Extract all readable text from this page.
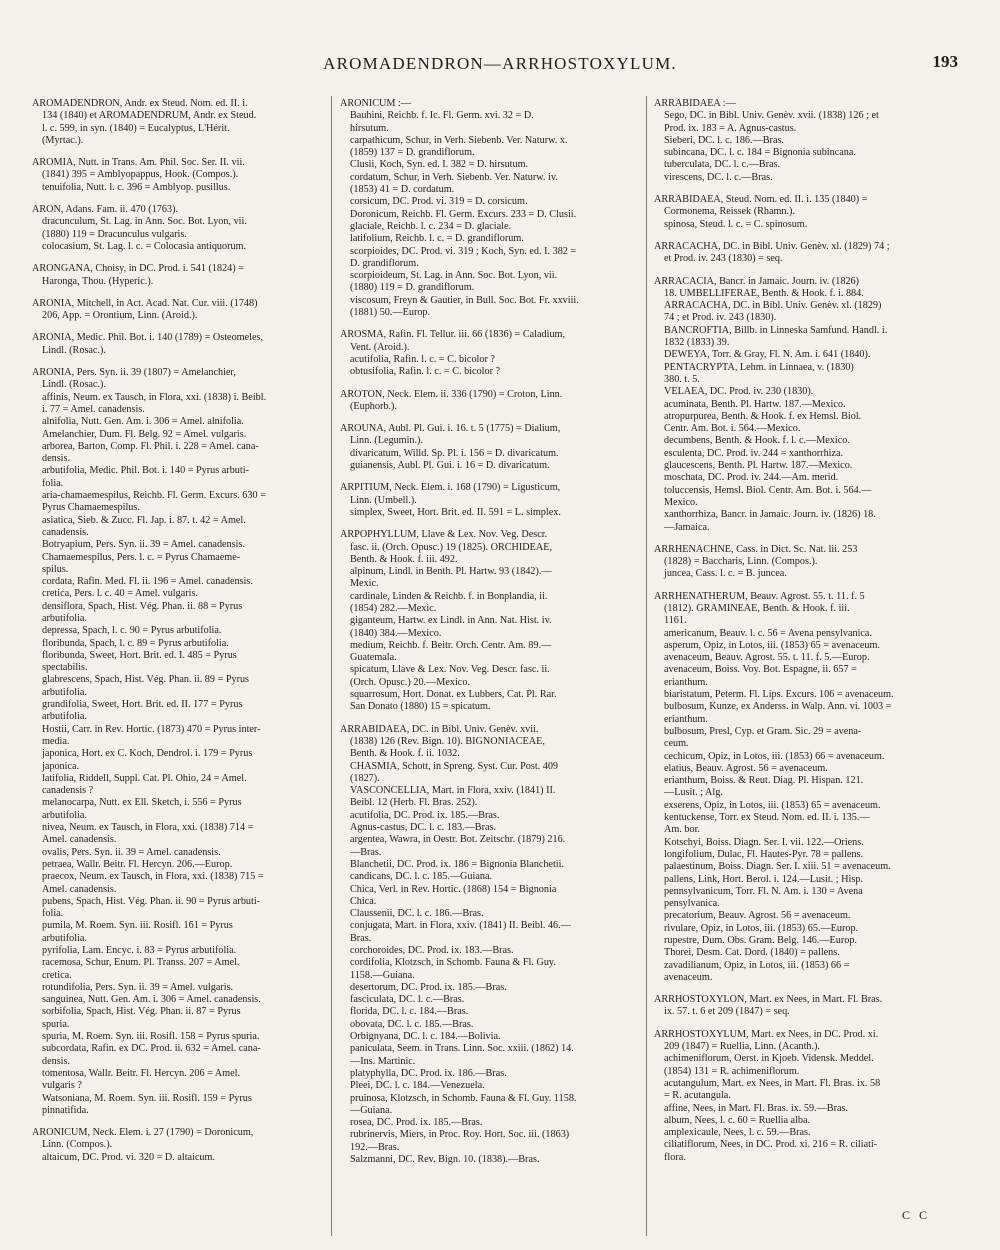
AROMADENDRON—ARRHOSTOXYLUM.	193
AROMADENDRON, Andr. ex Steud. Nom. ed. II. i.
134 (1840) et AROMADENDRUM, Andr. ex Steud.
l. c. 599, in syn. (1840) = Eucalyptus, L'Hérit.
(Myrtac.).
AROMIA, Nutt. in Trans. Am. Phil. Soc. Ser. II. vii.
(1841) 395 = Amblyopappus, Hook. (Compos.).
tenuifolia, Nutt. l. c. 396 = Amblyop. pusillus.
ARON, Adans. Fam. ii. 470 (1763).
dracunculum, St. Lag. in Ann. Soc. Bot. Lyon, vii.
(1880) 119 = Dracunculus vulgaris.
colocasium, St. Lag. l. c. = Colocasia antiquorum.
ARONGANA, Choisy, in DC. Prod. i. 541 (1824) =
Haronga, Thou. (Hyperic.).
ARONIA, Mitchell, in Act. Acad. Nat. Cur. viii. (1748)
206, App. = Orontium, Linn. (Aroid.).
ARONIA, Medic. Phil. Bot. i. 140 (1789) = Osteomeles,
Lindl. (Rosac.).
ARONIA, Pers. Syn. ii. 39 (1807) = Amelanchier,
Lindl. (Rosac.).
affinis, Neum. ex Tausch, in Flora, xxi. (1838) i. Beibl.
i. 77 = Amel. canadensis.
alnifolia, Nutt. Gen. Am. i. 306 = Amel. alnifolia.
Amelanchier, Dum. Fl. Belg. 92 = Amel. vulgaris.
arborea, Barton, Comp. Fl. Phil. i. 228 = Amel. cana-
densis.
arbutifolia, Medic. Phil. Bot. i. 140 = Pyrus arbuti-
folia.
aria-chamaemespilus, Reichb. Fl. Germ. Excurs. 630 =
Pyrus Chamaemespilus.
asiatica, Sieb. & Zucc. Fl. Jap. i. 87. t. 42 = Amel.
canadensis.
Botryapium, Pers. Syn. ii. 39 = Amel. canadensis.
Chamaemespilus, Pers. l. c. = Pyrus Chamaeme-
spilus.
cordata, Rafin. Med. Fl. ii. 196 = Amel. canadensis.
cretica, Pers. l. c. 40 = Amel. vulgaris.
densiflora, Spach, Hist. Vég. Phan. ii. 88 = Pyrus
arbutifolia.
depressa, Spach, l. c. 90 = Pyrus arbutifolia.
floribunda, Spach, l. c. 89 = Pyrus arbutifolia.
floribunda, Sweet, Hort. Brit. ed. I. 485 = Pyrus
spectabilis.
glabrescens, Spach, Hist. Vég. Phan. ii. 89 = Pyrus
arbutifolia.
grandifolia, Sweet, Hort. Brit. ed. II. 177 = Pyrus
arbutifolia.
Hostii, Carr. in Rev. Hortic. (1873) 470 = Pyrus inter-
media.
japonica, Hort. ex C. Koch, Dendrol. i. 179 = Pyrus
japonica.
latifolia, Riddell, Suppl. Cat. Pl. Ohio, 24 = Amel.
canadensis ?
melanocarpa, Nutt. ex Ell. Sketch, i. 556 = Pyrus
arbutifolia.
nivea, Neum. ex Tausch, in Flora, xxi. (1838) 714 =
Amel. canadensis.
ovalis, Pers. Syn. ii. 39 = Amel. canadensis.
petraea, Wallr. Beitr. Fl. Hercyn. 206.—Europ.
praecox, Neum. ex Tausch, in Flora, xxi. (1838) 715 =
Amel. canadensis.
pubens, Spach, Hist. Vég. Phan. ii. 90 = Pyrus arbuti-
folia.
pumila, M. Roem. Syn. iii. Rosifl. 161 = Pyrus
arbutifolia.
pyrifolia, Lam. Encyc. i. 83 = Pyrus arbutifolia.
racemosa, Schur, Enum. Pl. Transs. 207 = Amel.
cretica.
rotundifolia, Pers. Syn. ii. 39 = Amel. vulgaris.
sanguinea, Nutt. Gen. Am. i. 306 = Amel. canadensis.
sorbifolia, Spach, Hist. Vég. Phan. ii. 87 = Pyrus
spuria.
spuria, M. Roem. Syn. iii. Rosifl. 158 = Pyrus spuria.
subcordata, Rafin. ex DC. Prod. ii. 632 = Amel. cana-
densis.
tomentosa, Wallr. Beitr. Fl. Hercyn. 206 = Amel.
vulgaris ?
Watsoniana, M. Roem. Syn. iii. Rosifl. 159 = Pyrus
pinnatifida.
ARONICUM, Neck. Elem. i. 27 (1790) = Doronicum,
Linn. (Compos.).
altaicum, DC. Prod. vi. 320 = D. altaicum.
ARONICUM :—
Bauhini, Reichb. f. Ic. Fl. Germ. xvi. 32 = D.
hirsutum.
carpathicum, Schur, in Verh. Siebenb. Ver. Naturw. x.
(1859) 137 = D. grandiflorum.
Clusii, Koch, Syn. ed. I. 382 = D. hirsutum.
cordatum, Schur, in Verh. Siebenb. Ver. Naturw. iv.
(1853) 41 = D. cordatum.
corsicum, DC. Prod. vi. 319 = D. corsicum.
Doronicum, Reichb. Fl. Germ. Excurs. 233 = D. Clusii.
glaciale, Reichb. l. c. 234 = D. glaciale.
latifolium, Reichb. l. c. = D. grandiflorum.
scorpioides, DC. Prod. vi. 319 ; Koch, Syn. ed. I. 382 =
D. grandiflorum.
scorpioideum, St. Lag. in Ann. Soc. Bot. Lyon, vii.
(1880) 119 = D. grandiflorum.
viscosum, Freyn & Gautier, in Bull. Soc. Bot. Fr. xxviii.
(1881) 50.—Europ.
AROSMA, Rafin. Fl. Tellur. iii. 66 (1836) = Caladium,
Vent. (Aroid.).
acutifolia, Rafin. l. c. = C. bicolor ?
obtusifolia, Rafin. l. c. = C. bicolor ?
AROTON, Neck. Elem. ii. 336 (1790) = Croton, Linn.
(Euphorb.).
AROUNA, Aubl. Pl. Gui. i. 16. t. 5 (1775) = Dialium,
Linn. (Legumin.).
divaricatum, Willd. Sp. Pl. i. 156 = D. divaricatum.
guianensis, Aubl. Pl. Gui. i. 16 = D. divaricatum.
ARPITIUM, Neck. Elem. i. 168 (1790) = Ligusticum,
Linn. (Umbell.).
simplex, Sweet, Hort. Brit. ed. II. 591 = L. simplex.
ARPOPHYLLUM, Llave & Lex. Nov. Veg. Descr.
fasc. ii. (Orch. Opusc.) 19 (1825). ORCHIDEAE,
Benth. & Hook. f. iii. 492.
alpinum, Lindl. in Benth. Pl. Hartw. 93 (1842).—
Mexic.
cardinale, Linden & Reichb. f. in Bonplandia, ii.
(1854) 282.—Mexic.
giganteum, Hartw. ex Lindl. in Ann. Nat. Hist. iv.
(1840) 384.—Mexico.
medium, Reichb. f. Beitr. Orch. Centr. Am. 89.—
Guatemala.
spicatum, Llave & Lex. Nov. Veg. Descr. fasc. ii.
(Orch. Opusc.) 20.—Mexico.
squarrosum, Hort. Donat. ex Lubbers, Cat. Pl. Rar.
San Donato (1880) 15 = spicatum.
ARRABIDAEA, DC. in Bibl. Univ. Genèv. xvii.
(1838) 126 (Rev. Bign. 10). BIGNONIACEAE,
Benth. & Hook. f. ii. 1032.
CHASMIA, Schott, in Spreng. Syst. Cur. Post. 409
(1827).
VASCONCELLIA, Mart. in Flora, xxiv. (1841) II.
Beibl. 12 (Herb. Fl. Bras. 252).
acutifolia, DC. Prod. ix. 185.—Bras.
Agnus-castus, DC. l. c. 183.—Bras.
argentea, Wawra, in Oestr. Bot. Zeitschr. (1879) 216.
—Bras.
Blanchetii, DC. Prod. ix. 186 = Bignonia Blanchetii.
candicans, DC. l. c. 185.—Guiana.
Chica, Verl. in Rev. Hortic. (1868) 154 = Bignonia
Chica.
Claussenii, DC. l. c. 186.—Bras.
conjugata, Mart. in Flora, xxiv. (1841) II. Beibl. 46.—
Bras.
corchoroides, DC. Prod. ix. 183.—Bras.
cordifolia, Klotzsch, in Schomb. Fauna & Fl. Guy.
1158.—Guiana.
desertorum, DC. Prod. ix. 185.—Bras.
fasciculata, DC. l. c.—Bras.
florida, DC. l. c. 184.—Bras.
obovata, DC. l. c. 185.—Bras.
Orbignyana, DC. l. c. 184.—Bolivia.
paniculata, Seem. in Trans. Linn. Soc. xxiii. (1862) 14.
—Ins. Martinic.
platyphylla, DC. Prod. ix. 186.—Bras.
Pleei, DC. l. c. 184.—Venezuela.
pruinosa, Klotzsch, in Schomb. Fauna & Fl. Guy. 1158.
—Guiana.
rosea, DC. Prod. ix. 185.—Bras.
rubrinervis, Miers, in Proc. Roy. Hort. Soc. iii. (1863)
192.—Bras.
Salzmanni, DC. Rev. Bign. 10. (1838).—Bras.
ARRABIDAEA :—
Sego, DC. in Bibl. Univ. Genèv. xvii. (1838) 126 ; et
Prod. ix. 183 = A. Agnus-castus.
Sieberi, DC. l. c. 186.—Bras.
subincana, DC. l. c. 184 = Bignonia subincana.
tuberculata, DC. l. c.—Bras.
virescens, DC. l. c.—Bras.
ARRABIDAEA, Steud. Nom. ed. II. i. 135 (1840) =
Cormonema, Reissek (Rhamn.).
spinosa, Steud. l. c. = C. spinosum.
ARRACACHA, DC. in Bibl. Univ. Genèv. xl. (1829) 74 ;
et Prod. iv. 243 (1830) = seq.
ARRACACIA, Bancr. in Jamaic. Journ. iv. (1826)
18. UMBELLIFERAE, Benth. & Hook. f. i. 884.
ARRACACHA, DC. in Bibl. Univ. Genèv. xl. (1829)
74 ; et Prod. iv. 243 (1830).
BANCROFTIA, Billb. in Linneska Samfund. Handl. i.
1832 (1833) 39.
DEWEYA, Torr. & Gray, Fl. N. Am. i. 641 (1840).
PENTACRYPTA, Lehm. in Linnaea, v. (1830)
380. t. 5.
VELAEA, DC. Prod. iv. 230 (1830).
acuminata, Benth. Pl. Hartw. 187.—Mexico.
atropurpurea, Benth. & Hook. f. ex Hemsl. Biol.
Centr. Am. Bot. i. 564.—Mexico.
decumbens, Benth. & Hook. f. l. c.—Mexico.
esculenta, DC. Prod. iv. 244 = xanthorrhiza.
glaucescens, Benth. Pl. Hartw. 187.—Mexico.
moschata, DC. Prod. iv. 244.—Am. merid.
toluccensis, Hemsl. Biol. Centr. Am. Bot. i. 564.—
Mexico.
xanthorrhiza, Bancr. in Jamaic. Journ. iv. (1826) 18.
—Jamaica.
ARRHENACHNE, Cass. in Dict. Sc. Nat. lii. 253
(1828) = Baccharis, Linn. (Compos.).
juncea, Cass. l. c. = B. juncea.
ARRHENATHERUM, Beauv. Agrost. 55. t. 11. f. 5
(1812). GRAMINEAE, Benth. & Hook. f. iii.
1161.
americanum, Beauv. l. c. 56 = Avena pensylvanica.
asperum, Opiz, in Lotos, iii. (1853) 65 = avenaceum.
avenaceum, Beauv. Agrost. 55. t. 11. f. 5.—Europ.
avenaceum, Boiss. Voy. Bot. Espagne, ii. 657 =
erianthum.
biaristatum, Peterm. Fl. Lips. Excurs. 106 = avenaceum.
bulbosum, Kunze, ex Anderss. in Walp. Ann. vi. 1003 =
erianthum.
bulbosum, Presl, Cyp. et Gram. Sic. 29 = avena-
ceum.
cechicum, Opiz, in Lotos, iii. (1853) 66 = avenaceum.
elatius, Beauv. Agrost. 56 = avenaceum.
erianthum, Boiss. & Reut. Diag. Pl. Hispan. 121.
—Lusit. ; Alg.
exserens, Opiz, in Lotos, iii. (1853) 65 = avenaceum.
kentuckense, Torr. ex Steud. Nom. ed. II. i. 135.—
Am. bor.
Kotschyi, Boiss. Diagn. Ser. I. vii. 122.—Oriens.
longifolium, Dulac, Fl. Hautes-Pyr. 78 = pallens.
palaestinum, Boiss. Diagn. Ser. I. xiii. 51 = avenaceum.
pallens, Link, Hort. Berol. i. 124.—Lusit. ; Hisp.
pennsylvanicum, Torr. Fl. N. Am. i. 130 = Avena
pensylvanica.
precatorium, Beauv. Agrost. 56 = avenaceum.
rivulare, Opiz, in Lotos, iii. (1853) 65.—Europ.
rupestre, Dum. Obs. Gram. Belg. 146.—Europ.
Thorei, Desm. Cat. Dord. (1840) = pallens.
zavadilianum, Opiz, in Lotos, iii. (1853) 66 =
avenaceum.
ARRHOSTOXYLON, Mart. ex Nees, in Mart. Fl. Bras.
ix. 57. t. 6 et 209 (1847) = seq.
ARRHOSTOXYLUM, Mart. ex Nees, in DC. Prod. xi.
209 (1847) = Ruellia, Linn. (Acanth.).
achimeniflorum, Oerst. in Kjoeb. Vidensk. Meddel.
(1854) 131 = R. achimeniflorum.
acutangulum, Mart. ex Nees, in Mart. Fl. Bras. ix. 58
= R. acutangula.
affine, Nees, in Mart. Fl. Bras. ix. 59.—Bras.
album, Nees, l. c. 60 = Ruellia alba.
amplexicaule, Nees, l. c. 59.—Bras.
ciliatiflorum, Nees, in DC. Prod. xi. 216 = R. ciliati-
flora.
C C
